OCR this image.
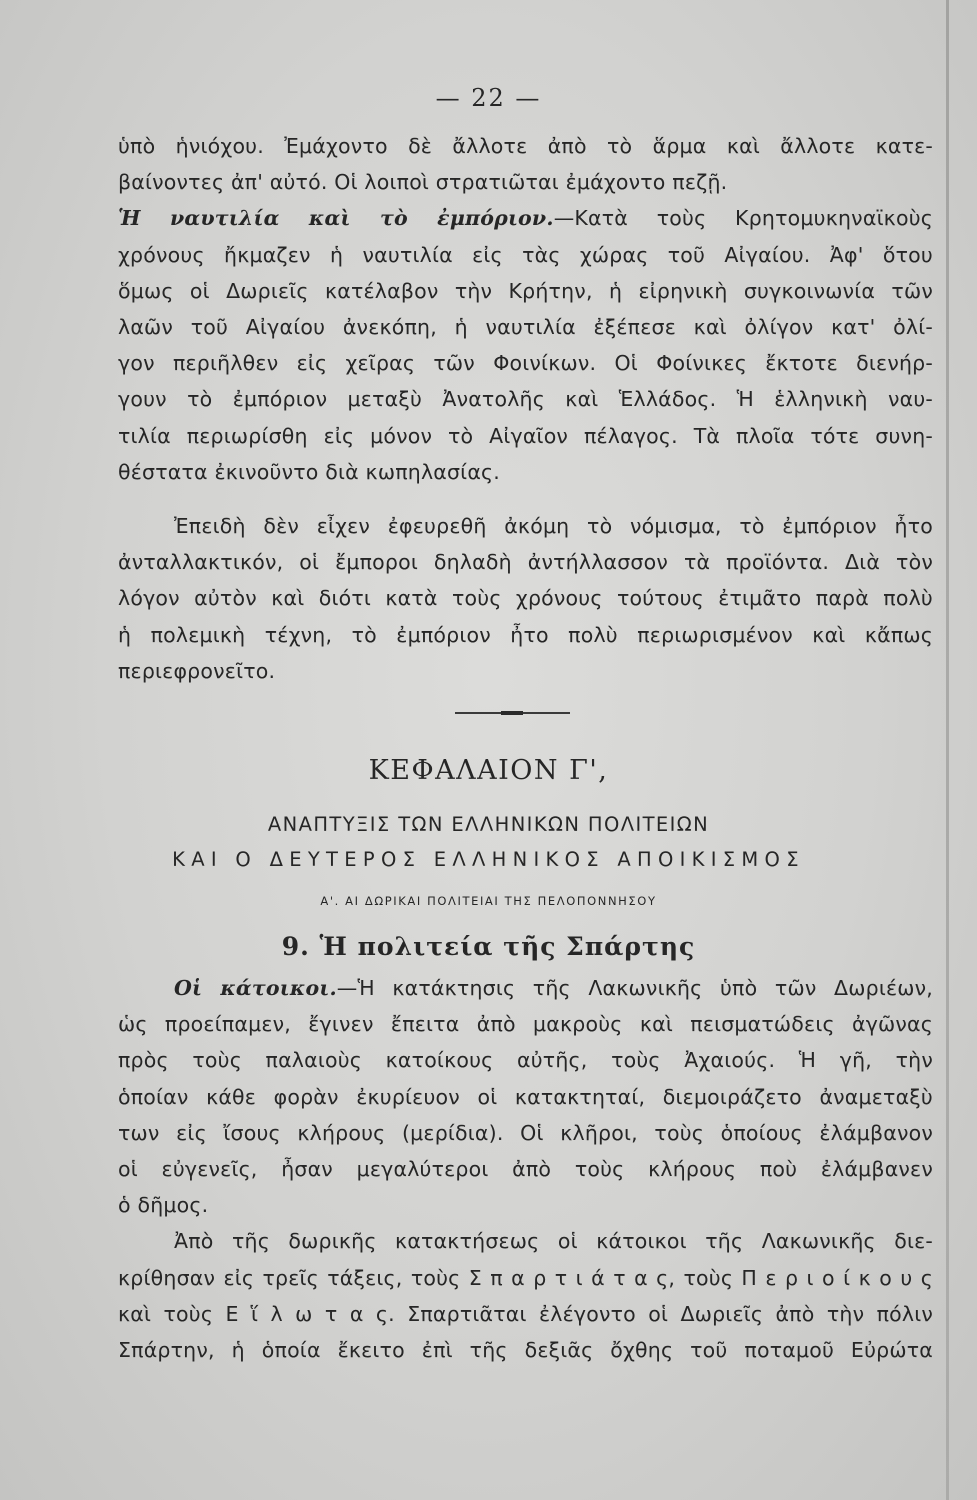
— 22 —
ὑπὸ ἡνιόχου. Ἐμάχοντο δὲ ἄλλοτε ἀπὸ τὸ ἅρμα καὶ ἄλλοτε κατε-
βαίνοντες ἀπ' αὐτό. Οἱ λοιποὶ στρατιῶται ἐμάχοντο πεζῇ.
Ἡ ναυτιλία καὶ τὸ ἐμπόριον.—Κατὰ τοὺς Κρητομυκηναϊκοὺς
χρόνους ἤκμαζεν ἡ ναυτιλία εἰς τὰς χώρας τοῦ Αἰγαίου. Ἀφ' ὅτου
ὅμως οἱ Δωριεῖς κατέλαβον τὴν Κρήτην, ἡ εἰρηνικὴ συγκοινωνία τῶν
λαῶν τοῦ Αἰγαίου ἀνεκόπη, ἡ ναυτιλία ἐξέπεσε καὶ ὀλίγον κατ' ὀλί-
γον περιῆλθεν εἰς χεῖρας τῶν Φοινίκων. Οἱ Φοίνικες ἔκτοτε διενήρ-
γουν τὸ ἐμπόριον μεταξὺ Ἀνατολῆς καὶ Ἑλλάδος. Ἡ ἑλληνικὴ ναυ-
τιλία περιωρίσθη εἰς μόνον τὸ Αἰγαῖον πέλαγος. Τὰ πλοῖα τότε συνη-
θέστατα ἐκινοῦντο διὰ κωπηλασίας.
Ἐπειδὴ δὲν εἶχεν ἐφευρεθῆ ἀκόμη τὸ νόμισμα, τὸ ἐμπόριον ἦτο
ἀνταλλακτικόν, οἱ ἔμποροι δηλαδὴ ἀντήλλασσον τὰ προϊόντα. Διὰ τὸν
λόγον αὐτὸν καὶ διότι κατὰ τοὺς χρόνους τούτους ἐτιμᾶτο παρὰ πολὺ
ἡ πολεμικὴ τέχνη, τὸ ἐμπόριον ἦτο πολὺ περιωρισμένον καὶ κἄπως
περιεφρονεῖτο.
ΚΕΦΑΛΑΙΟΝ Γ',
ΑΝΑΠΤΥΞΙΣ ΤΩΝ ΕΛΛΗΝΙΚΩΝ ΠΟΛΙΤΕΙΩΝ
ΚΑΙ Ο ΔΕΥΤΕΡΟΣ ΕΛΛΗΝΙΚΟΣ ΑΠΟΙΚΙΣΜΟΣ
Α'. ΑΙ ΔΩΡΙΚΑΙ ΠΟΛΙΤΕΙΑΙ ΤΗΣ ΠΕΛΟΠΟΝΝΗΣΟΥ
9. Ἡ πολιτεία τῆς Σπάρτης
Οἱ κάτοικοι.—Ἡ κατάκτησις τῆς Λακωνικῆς ὑπὸ τῶν Δωριέων,
ὡς προείπαμεν, ἔγινεν ἔπειτα ἀπὸ μακροὺς καὶ πεισματώδεις ἀγῶνας
πρὸς τοὺς παλαιοὺς κατοίκους αὐτῆς, τοὺς Ἀχαιούς. Ἡ γῆ, τὴν
ὁποίαν κάθε φορὰν ἐκυρίευον οἱ κατακτηταί, διεμοιράζετο ἀναμεταξὺ
των εἰς ἴσους κλήρους (μερίδια). Οἱ κλῆροι, τοὺς ὁποίους ἐλάμβανον
οἱ εὐγενεῖς, ἦσαν μεγαλύτεροι ἀπὸ τοὺς κλήρους ποὺ ἐλάμβανεν
ὁ δῆμος.
Ἀπὸ τῆς δωρικῆς κατακτήσεως οἱ κάτοικοι τῆς Λακωνικῆς διε-
κρίθησαν εἰς τρεῖς τάξεις, τοὺς Σ π α ρ τ ι ά τ α ς, τοὺς Π ε ρ ι ο ί κ ο υ ς
καὶ τοὺς Ε ἵ λ ω τ α ς. Σπαρτιᾶται ἐλέγοντο οἱ Δωριεῖς ἀπὸ τὴν πόλιν
Σπάρτην, ἡ ὁποία ἔκειτο ἐπὶ τῆς δεξιᾶς ὄχθης τοῦ ποταμοῦ Εὐρώτα
